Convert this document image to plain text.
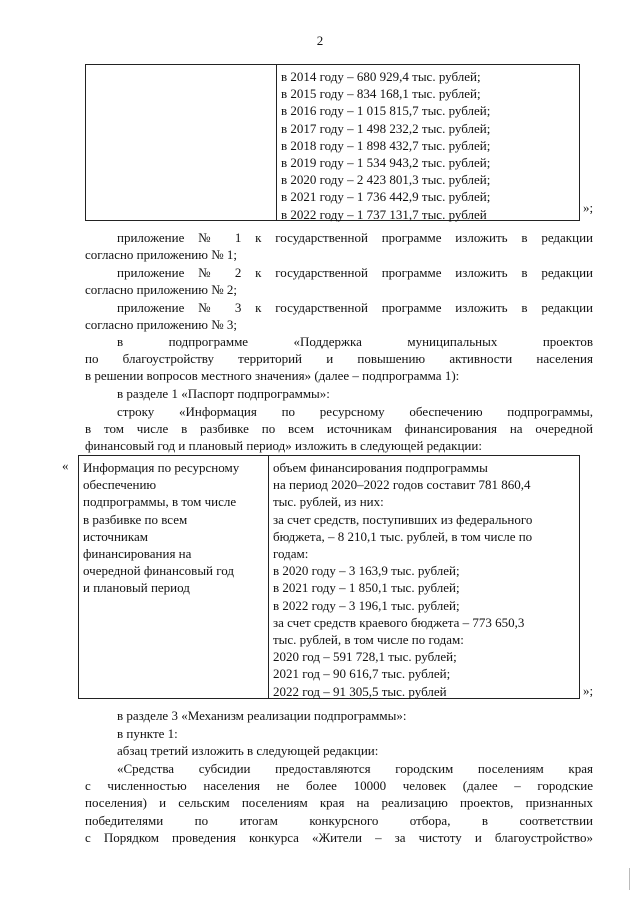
2
в 2014 году – 680 929,4 тыс. рублей;
в 2015 году – 834 168,1 тыс. рублей;
в 2016 году – 1 015 815,7 тыс. рублей;
в 2017 году – 1 498 232,2 тыс. рублей;
в 2018 году – 1 898 432,7 тыс. рублей;
в 2019 году – 1 534 943,2 тыс. рублей;
в 2020 году – 2 423 801,3 тыс. рублей;
в 2021 году – 1 736 442,9 тыс. рублей;
в 2022 году – 1 737 131,7 тыс. рублей	»;
приложение № 1 к государственной программе изложить в редакции
согласно приложению № 1;
приложение № 2 к государственной программе изложить в редакции
согласно приложению № 2;
приложение № 3 к государственной программе изложить в редакции
согласно приложению № 3;
в подпрограмме «Поддержка муниципальных проектов
по благоустройству территорий и повышению активности населения
в решении вопросов местного значения» (далее – подпрограмма 1):
в разделе 1 «Паспорт подпрограммы»:
строку «Информация по ресурсному обеспечению подпрограммы,
в том числе в разбивке по всем источникам финансирования на очередной
финансовый год и плановый период» изложить в следующей редакции:
« Информация по ресурсному
обеспечению
подпрограммы, в том числе
в разбивке по всем
источникам
финансирования на
очередной финансовый год
и плановый период
объем финансирования подпрограммы
на период 2020–2022 годов составит 781 860,4
тыс. рублей, из них:
за счет средств, поступивших из федерального
бюджета, – 8 210,1 тыс. рублей, в том числе по
годам:
в 2020 году – 3 163,9 тыс. рублей;
в 2021 году – 1 850,1 тыс. рублей;
в 2022 году – 3 196,1 тыс. рублей;
за счет средств краевого бюджета – 773 650,3
тыс. рублей, в том числе по годам:
2020 год – 591 728,1 тыс. рублей;
2021 год – 90 616,7 тыс. рублей;
2022 год – 91 305,5 тыс. рублей	»;
в разделе 3 «Механизм реализации подпрограммы»:
в пункте 1:
абзац третий изложить в следующей редакции:
«Средства субсидии предоставляются городским поселениям края
с численностью населения не более 10000 человек (далее – городские
поселения) и сельским поселениям края на реализацию проектов, признанных
победителями по итогам конкурсного отбора, в соответствии
с Порядком проведения конкурса «Жители – за чистоту и благоустройство»
